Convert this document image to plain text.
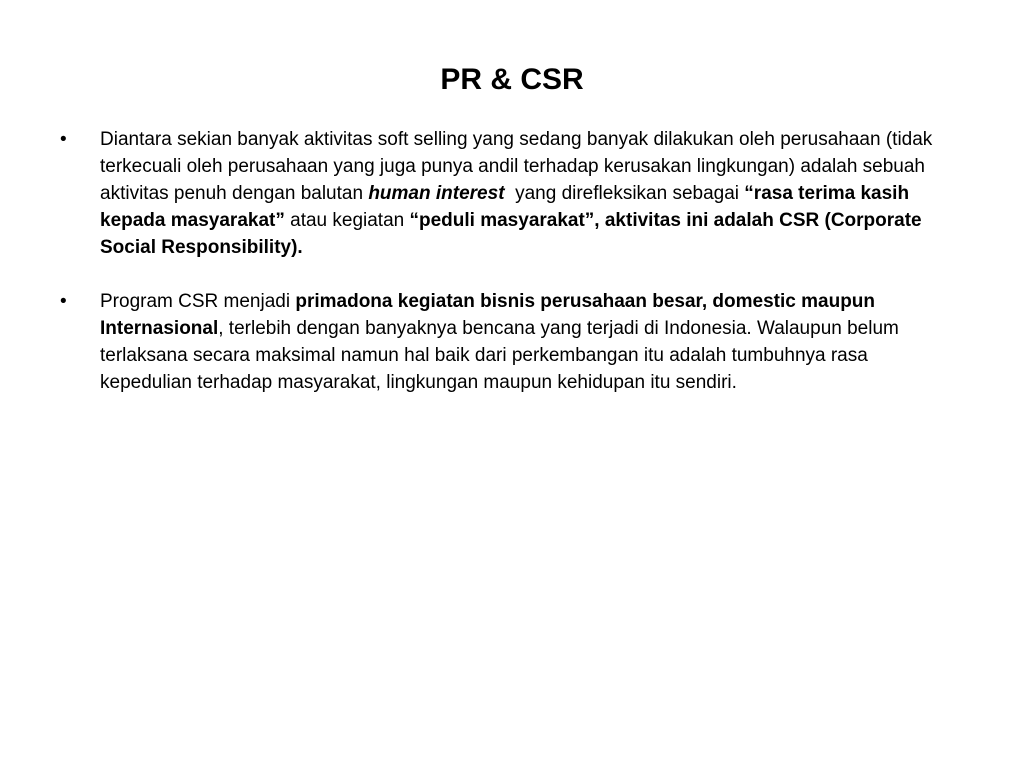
PR & CSR
• Diantara sekian banyak aktivitas soft selling yang sedang banyak dilakukan oleh perusahaan (tidak terkecuali oleh perusahaan yang juga punya andil terhadap kerusakan lingkungan) adalah sebuah aktivitas penuh dengan balutan human interest  yang direfleksikan sebagai “rasa terima kasih kepada masyarakat” atau kegiatan “peduli masyarakat”, aktivitas ini adalah CSR (Corporate Social Responsibility).
• Program CSR menjadi primadona kegiatan bisnis perusahaan besar, domestic maupun Internasional, terlebih dengan banyaknya bencana yang terjadi di Indonesia. Walaupun belum terlaksana secara maksimal namun hal baik dari perkembangan itu adalah tumbuhnya rasa kepedulian terhadap masyarakat, lingkungan maupun kehidupan itu sendiri.
